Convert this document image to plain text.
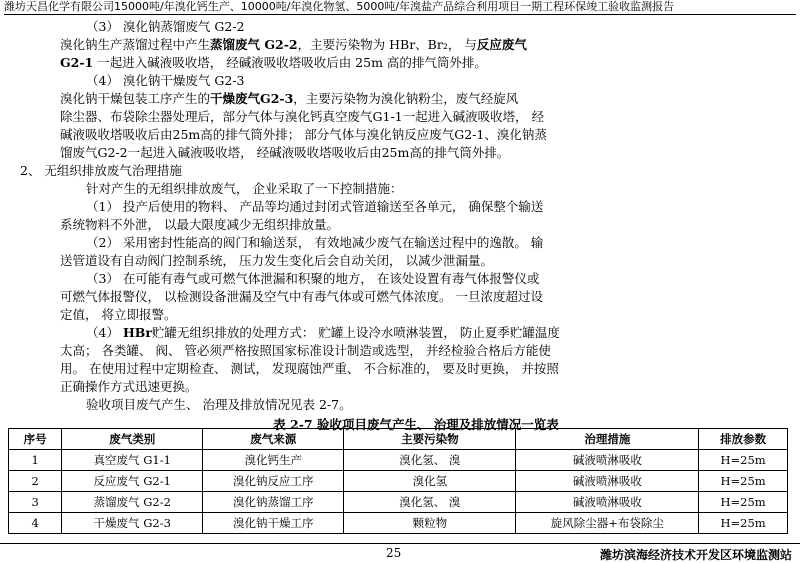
潍坊天昌化学有限公司15000吨/年溴化钙生产、10000吨/年溴化物氢、5000吨/年溴盐产品综合利用项目一期工程环保竣工验收监测报告

（3） 溴化钠蒸馏废气 G2-2

溴化钠生产蒸馏过程中产生蒸馏废气 G2-2，主要污染物为 HBr、Br₂， 与反应废气

G2-1 一起进入碱液吸收塔， 经碱液吸收塔吸收后由 25m 高的排气筒外排。

（4） 溴化钠干燥废气 G2-3

溴化钠干燥包装工序产生的干燥废气G2-3，主要污染物为溴化钠粉尘，废气经旋风

除尘器、布袋除尘器处理后，部分气体与溴化钙真空废气G1-1一起进入碱液吸收塔， 经

碱液吸收塔吸收后由25m高的排气筒外排； 部分气体与溴化钠反应废气G2-1、溴化钠蒸

馏废气G2-2一起进入碱液吸收塔， 经碱液吸收塔吸收后由25m高的排气筒外排。

2、 无组织排放废气治理措施

针对产生的无组织排放废气， 企业采取了一下控制措施：

（1） 投产后使用的物料、 产品等均通过封闭式管道输送至各单元， 确保整个输送

系统物料不外泄， 以最大限度减少无组织排放量。

（2） 采用密封性能高的阀门和输送泵， 有效地减少废气在输送过程中的逸散。 输

送管道设有自动阀门控制系统， 压力发生变化后会自动关闭， 以减少泄漏量。

（3） 在可能有毒气或可燃气体泄漏和积聚的地方， 在该处设置有毒气体报警仪或

可燃气体报警仪， 以检测设备泄漏及空气中有毒气体或可燃气体浓度。 一旦浓度超过设

定值， 将立即报警。

（4） HBr贮罐无组织排放的处理方式： 贮罐上设冷水喷淋装置， 防止夏季贮罐温度

太高； 各类罐、 阀、 管必须严格按照国家标准设计制造或选型， 并经检验合格后方能使

用。 在使用过程中定期检查、 测试， 发现腐蚀严重、 不合标准的， 要及时更换， 并按照

正确操作方式迅速更换。

验收项目废气产生、 治理及排放情况见表 2-7。

表 2-7 验收项目废气产生、 治理及排放情况一览表
序号	废气类别	废气来源	主要污染物	治理措施	排放参数
1	真空废气 G1-1	溴化钙生产	溴化氢、 溴	碱液喷淋吸收	H=25m
2	反应废气 G2-1	溴化钠反应工序	溴化氢	碱液喷淋吸收	H=25m
3	蒸馏废气 G2-2	溴化钠蒸馏工序	溴化氢、 溴	碱液喷淋吸收	H=25m
4	干燥废气 G2-3	溴化钠干燥工序	颗粒物	旋风除尘器+布袋除尘	H=25m
25	潍坊滨海经济技术开发区环境监测站
